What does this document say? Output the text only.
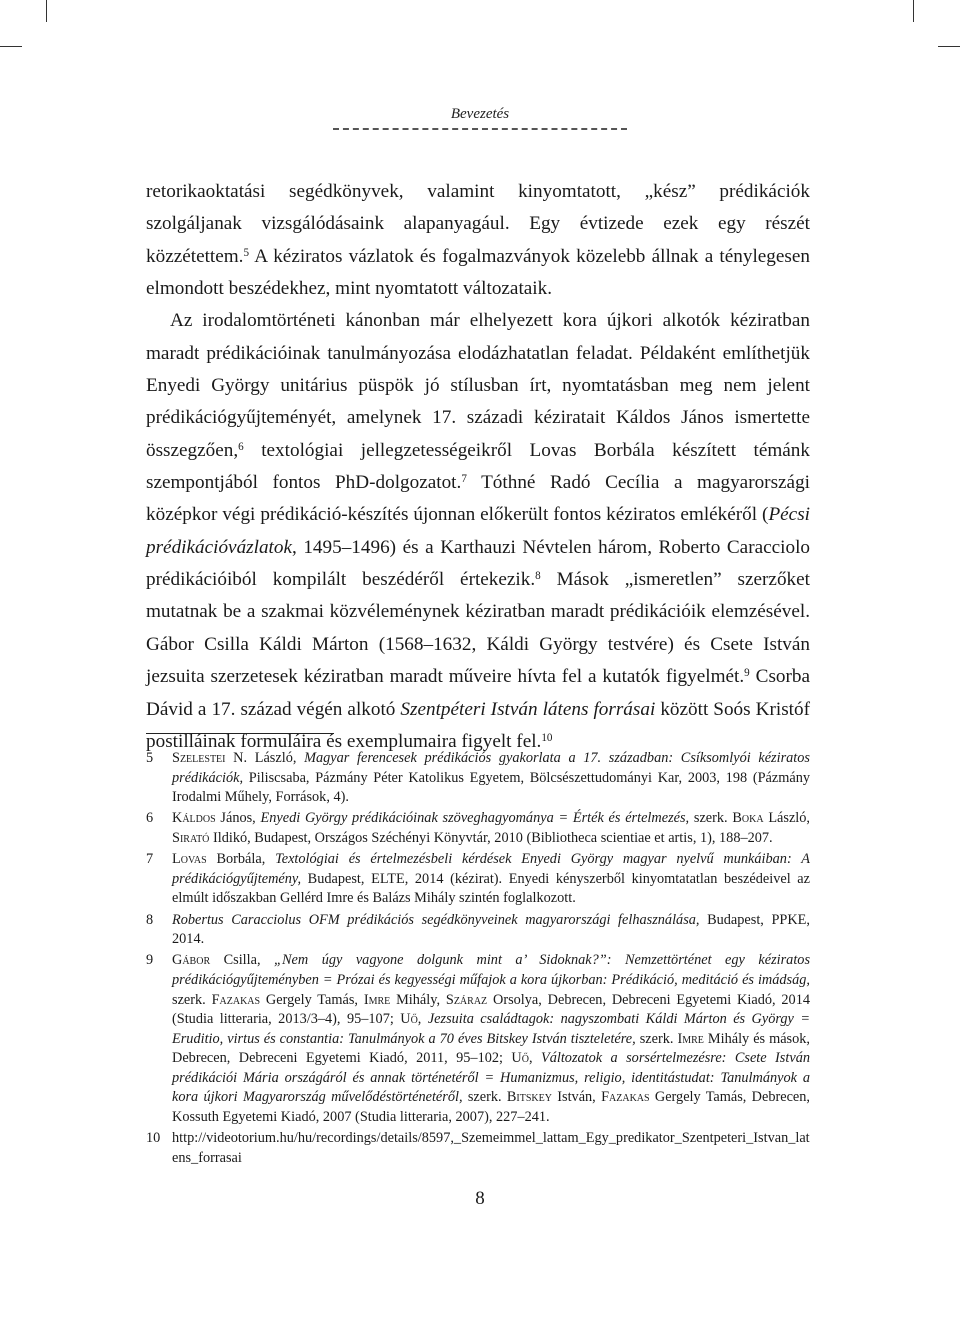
Bevezetés

retorikaoktatási segédkönyvek, valamint kinyomtatott, „kész” prédikációk szolgáljanak vizsgálódásaink alapanyagául. Egy évtizede ezek egy részét közzétettem.$^5$ A kéziratos vázlatok és fogalmazványok közelebb állnak a ténylegesen elmondott beszédekhez, mint nyomtatott változataik.

Az irodalomtörténeti kánonban már elhelyezett kora újkori alkotók kéziratban maradt prédikációinak tanulmányozása elodázhatatlan feladat. Példaként említhetjük Enyedi György unitárius püspök jó stílusban írt, nyomtatásban meg nem jelent prédikációgyűjteményét, amelynek 17. századi kéziratait Káldos János ismertette összegzően,$^6$ textológiai jellegzetességeikről Lovas Borbála készített témánk szempontjából fontos PhD-dolgozatot.$^7$ Tóthné Radó Cecília a magyarországi középkor végi prédikáció-készítés újonnan előkerült fontos kéziratos emlékéről (Pécsi prédikációvázlatok, 1495–1496) és a Karthauzi Névtelen három, Roberto Caracciolo prédikációiból kompilált beszédéről értekezik.$^8$ Mások „ismeretlen” szerzőket mutatnak be a szakmai közvéleménynek kéziratban maradt prédikációik elemzésével. Gábor Csilla Káldi Márton (1568–1632, Káldi György testvére) és Csete István jezsuita szerzetesek kéziratban maradt műveire hívta fel a kutatók figyelmét.$^9$ Csorba Dávid a 17. század végén alkotó Szentpéteri István látens forrásai között Soós Kristóf postilláinak formuláira és exemplumaira figyelt fel.$^{10}$

5 Szelestei N. László, Magyar ferencesek prédikációs gyakorlata a 17. században: Csíksomlyói kéziratos prédikációk, Piliscsaba, Pázmány Péter Katolikus Egyetem, Bölcsészettudományi Kar, 2003, 198 (Pázmány Irodalmi Műhely, Források, 4).
6 Káldos János, Enyedi György prédikációinak szöveghagyománya = Érték és értelmezés, szerk. Boka László, Sirató Ildikó, Budapest, Országos Széchényi Könyvtár, 2010 (Bibliotheca scientiae et artis, 1), 188–207.
7 Lovas Borbála, Textológiai és értelmezésbeli kérdések Enyedi György magyar nyelvű munkáiban: A prédikációgyűjtemény, Budapest, ELTE, 2014 (kézirat). Enyedi kényszerből kinyomtatatlan beszédeivel az elmúlt időszakban Gellérd Imre és Balázs Mihály szintén foglalkozott.
8 Robertus Caracciolus OFM prédikációs segédkönyveinek magyarországi felhasználása, Budapest, PPKE, 2014.
9 Gábor Csilla, „Nem úgy vagyone dolgunk mint a’ Sidoknak?”: Nemzettörténet egy kéziratos prédikációgyűjteményben = Prózai és kegyességi műfajok a kora újkorban: Prédikáció, meditáció és imádság, szerk. Fazakas Gergely Tamás, Imre Mihály, Száraz Orsolya, Debrecen, Debreceni Egyetemi Kiadó, 2014 (Studia litteraria, 2013/3–4), 95–107; Uő, Jezsuita családtagok: nagyszombati Káldi Márton és György = Eruditio, virtus és constantia: Tanulmányok a 70 éves Bitskey István tiszteletére, szerk. Imre Mihály és mások, Debrecen, Debreceni Egyetemi Kiadó, 2011, 95–102; Uő, Változatok a sorsértelmezésre: Csete István prédikációi Mária országáról és annak történetéről = Humanizmus, religio, identitástudat: Tanulmányok a kora újkori Magyarország művelődéstörténetéről, szerk. Bitskey István, Fazakas Gergely Tamás, Debrecen, Kossuth Egyetemi Kiadó, 2007 (Studia litteraria, 2007), 227–241.
10 http://videotorium.hu/hu/recordings/details/8597,_Szemeimmel_lattam_Egy_predikator_Szentpeteri_Istvan_latens_forrasai
8
